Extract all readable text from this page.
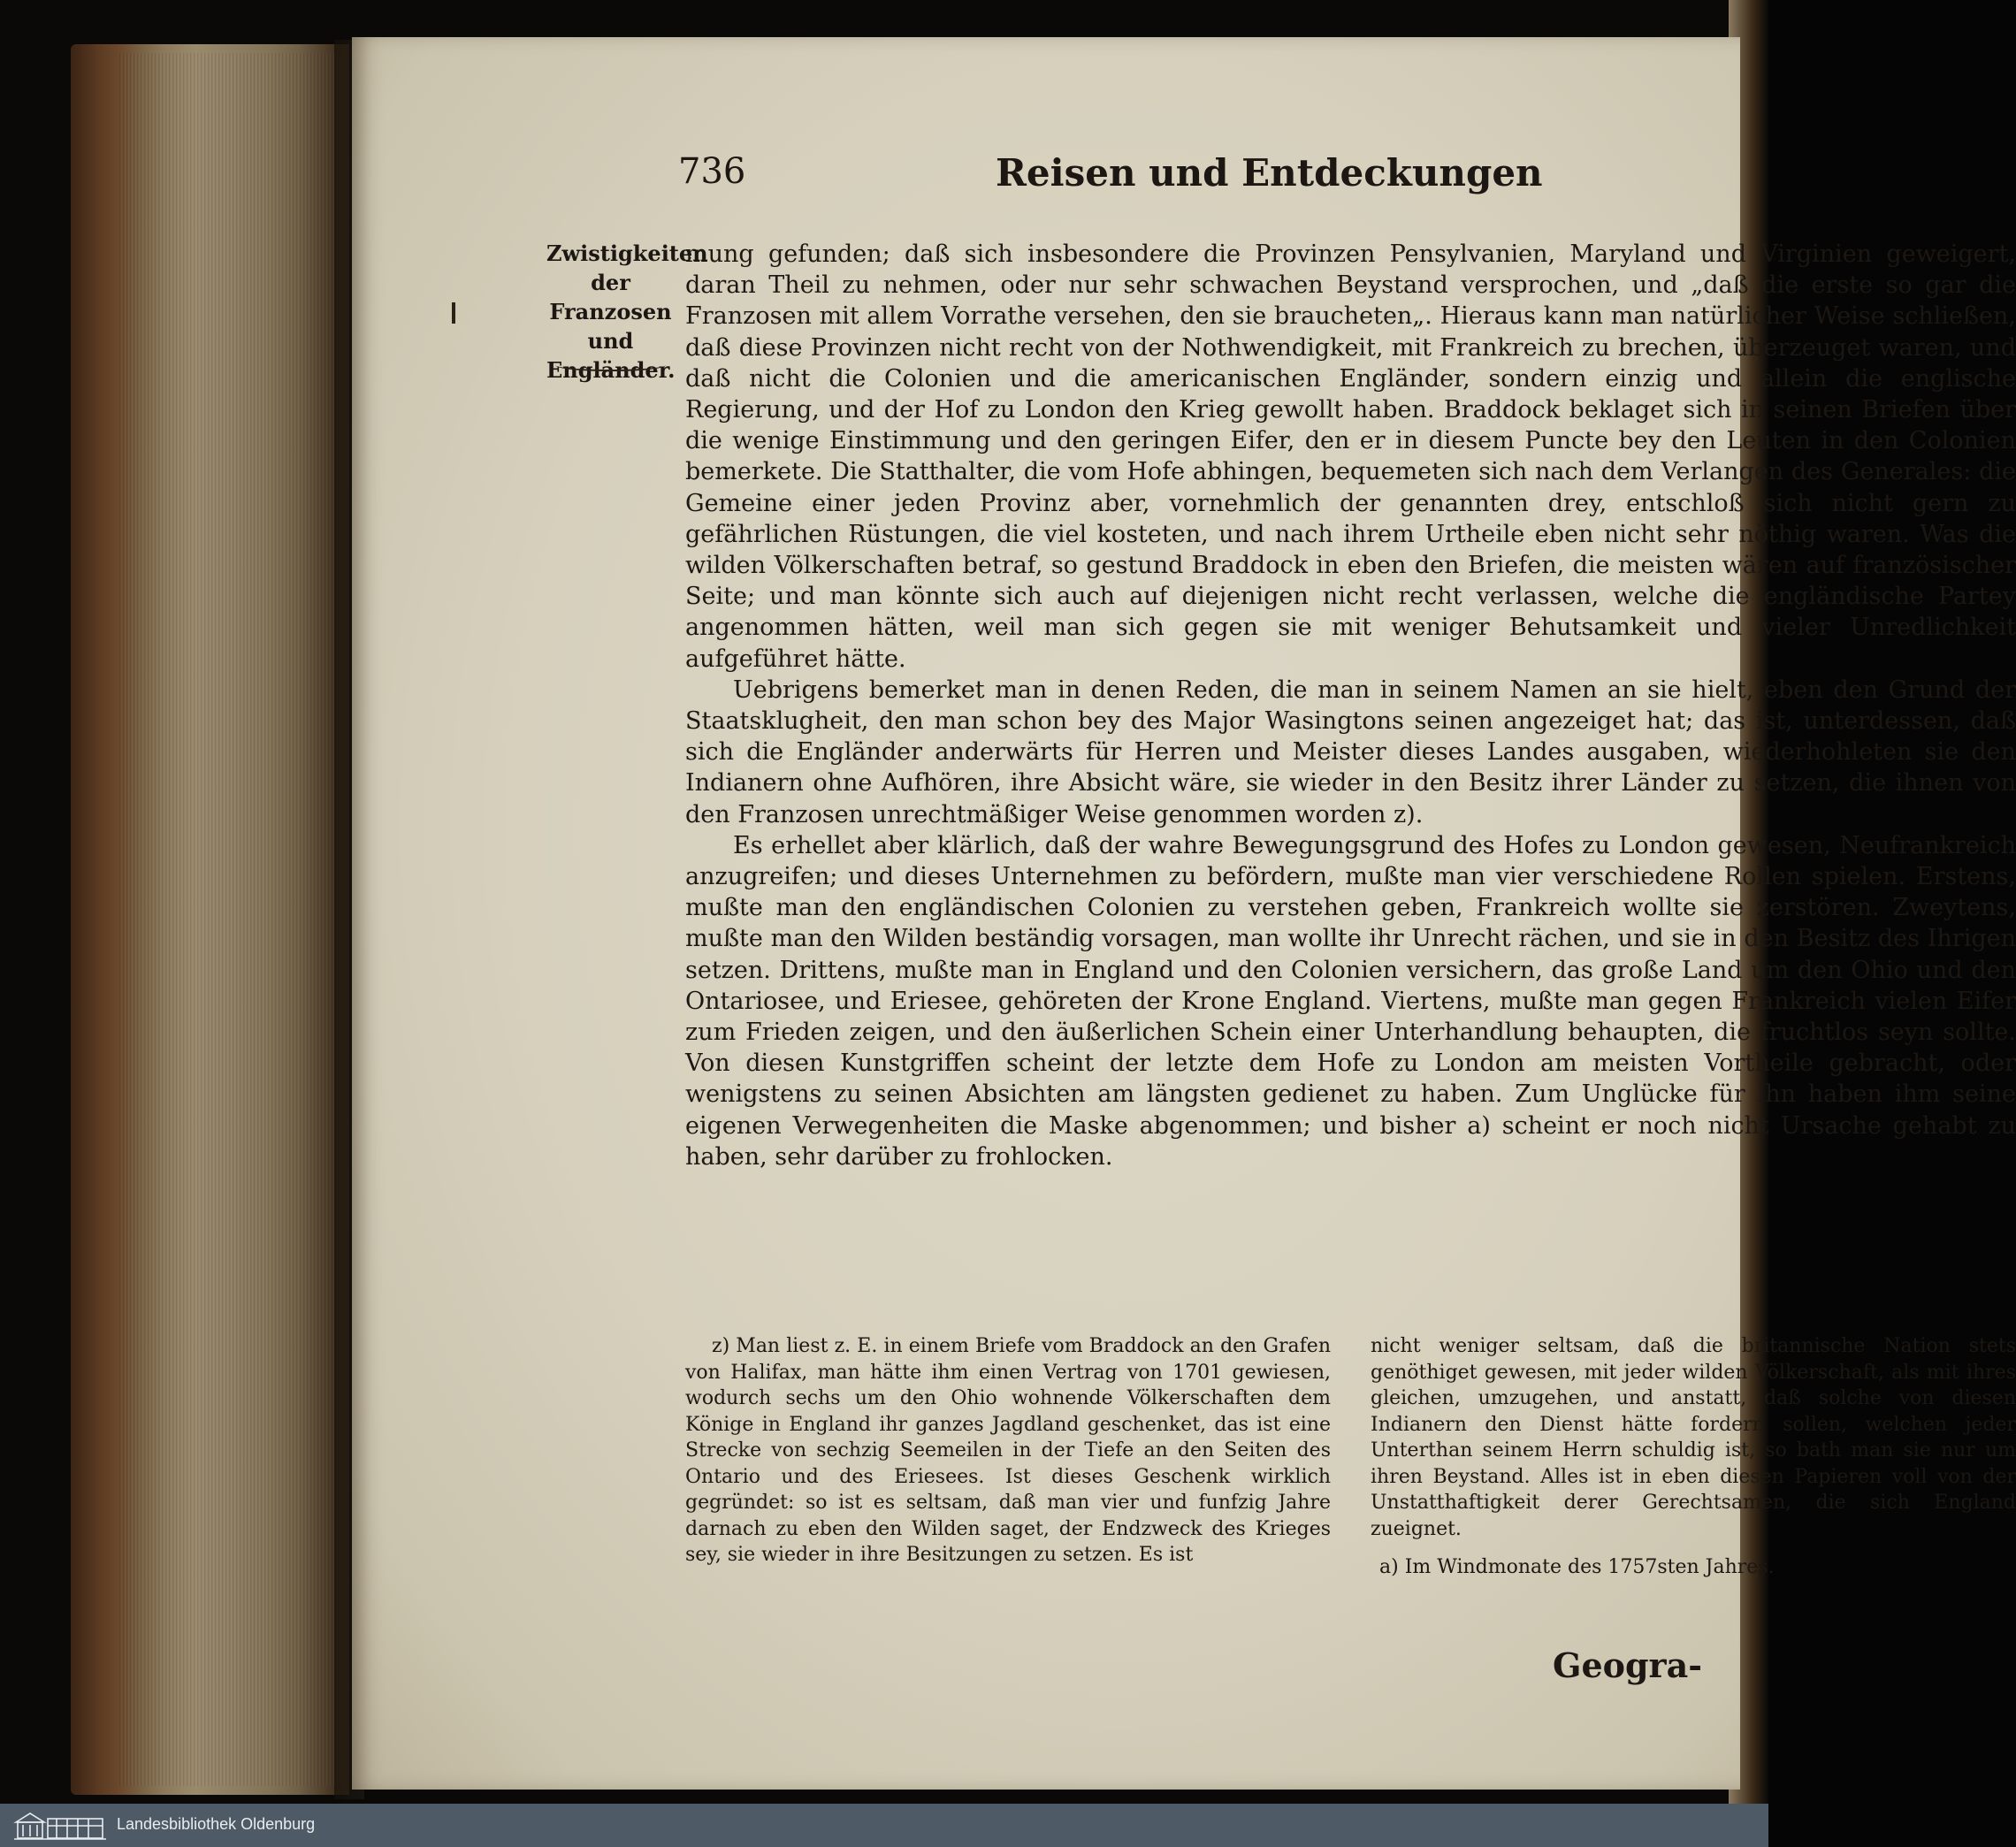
736	Reisen und Entdeckungen

Zwistigkeiten der Franzosen und Engländer.

mung gefunden; daß sich insbesondere die Provinzen Pensylvanien, Maryland und Virginien geweigert, daran Theil zu nehmen, oder nur sehr schwachen Beystand versprochen, und „daß die erste so gar die Franzosen mit allem Vorrathe versehen, den sie braucheten„. Hieraus kann man natürlicher Weise schließen, daß diese Provinzen nicht recht von der Nothwendigkeit, mit Frankreich zu brechen, überzeuget waren, und daß nicht die Colonien und die americanischen Engländer, sondern einzig und allein die englische Regierung, und der Hof zu London den Krieg gewollt haben. Braddock beklaget sich in seinen Briefen über die wenige Einstimmung und den geringen Eifer, den er in diesem Puncte bey den Leuten in den Colonien bemerkete. Die Statthalter, die vom Hofe abhingen, bequemeten sich nach dem Verlangen des Generales: die Gemeine einer jeden Provinz aber, vornehmlich der genannten drey, entschloß sich nicht gern zu gefährlichen Rüstungen, die viel kosteten, und nach ihrem Urtheile eben nicht sehr nöthig waren. Was die wilden Völkerschaften betraf, so gestund Braddock in eben den Briefen, die meisten wären auf französischer Seite; und man könnte sich auch auf diejenigen nicht recht verlassen, welche die engländische Partey angenommen hätten, weil man sich gegen sie mit weniger Behutsamkeit und vieler Unredlichkeit aufgeführet hätte.

Uebrigens bemerket man in denen Reden, die man in seinem Namen an sie hielt, eben den Grund der Staatsklugheit, den man schon bey des Major Wasingtons seinen angezeiget hat; das ist, unterdessen, daß sich die Engländer anderwärts für Herren und Meister dieses Landes ausgaben, wiederhohleten sie den Indianern ohne Aufhören, ihre Absicht wäre, sie wieder in den Besitz ihrer Länder zu setzen, die ihnen von den Franzosen unrechtmäßiger Weise genommen worden z).

Es erhellet aber klärlich, daß der wahre Bewegungsgrund des Hofes zu London gewesen, Neufrankreich anzugreifen; und dieses Unternehmen zu befördern, mußte man vier verschiedene Rollen spielen. Erstens, mußte man den engländischen Colonien zu verstehen geben, Frankreich wollte sie zerstören. Zweytens, mußte man den Wilden beständig vorsagen, man wollte ihr Unrecht rächen, und sie in den Besitz des Ihrigen setzen. Drittens, mußte man in England und den Colonien versichern, das große Land um den Ohio und den Ontariosee, und Eriesee, gehöreten der Krone England. Viertens, mußte man gegen Frankreich vielen Eifer zum Frieden zeigen, und den äußerlichen Schein einer Unterhandlung behaupten, die fruchtlos seyn sollte. Von diesen Kunstgriffen scheint der letzte dem Hofe zu London am meisten Vortheile gebracht, oder wenigstens zu seinen Absichten am längsten gedienet zu haben. Zum Unglücke für ihn haben ihm seine eigenen Verwegenheiten die Maske abgenommen; und bisher a) scheint er noch nicht Ursache gehabt zu haben, sehr darüber zu frohlocken.

z) Man liest z. E. in einem Briefe vom Braddock an den Grafen von Halifax, man hätte ihm einen Vertrag von 1701 gewiesen, wodurch sechs um den Ohio wohnende Völkerschaften dem Könige in England ihr ganzes Jagdland geschenket, das ist eine Strecke von sechzig Seemeilen in der Tiefe an den Seiten des Ontario und des Eriesees. Ist dieses Geschenk wirklich gegründet: so ist es seltsam, daß man vier und funfzig Jahre darnach zu eben den Wilden saget, der Endzweck des Krieges sey, sie wieder in ihre Besitzungen zu setzen. Es ist

nicht weniger seltsam, daß die britannische Nation stets genöthiget gewesen, mit jeder wilden Völkerschaft, als mit ihres gleichen, umzugehen, und anstatt, daß solche von diesen Indianern den Dienst hätte fordern sollen, welchen jeder Unterthan seinem Herrn schuldig ist, so bath man sie nur um ihren Beystand. Alles ist in eben diesen Papieren voll von der Unstatthaftigkeit derer Gerechtsamen, die sich England zueignet.

a) Im Windmonate des 1757sten Jahres.

Geogra-

Landesbibliothek Oldenburg
